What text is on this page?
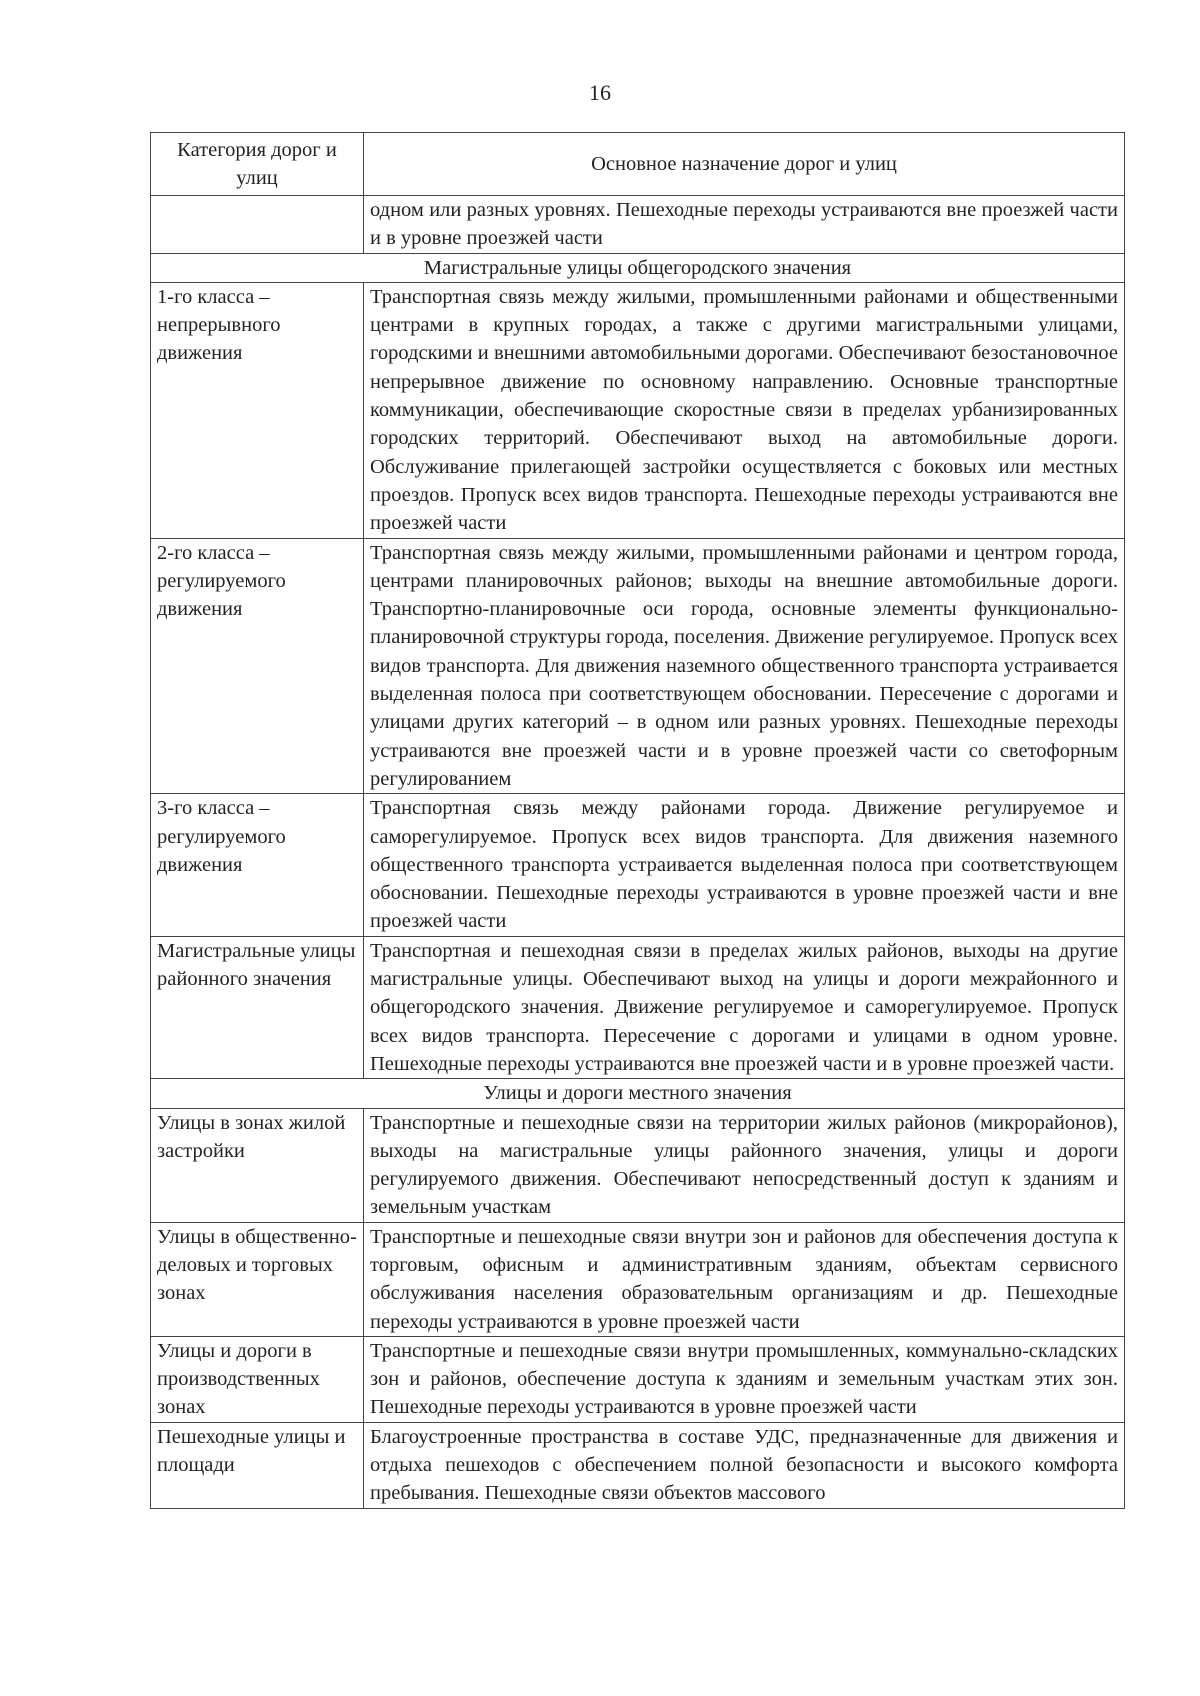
16
Категория дорог и улиц	Основное назначение дорог и улиц
	одном или разных уровнях. Пешеходные переходы устраиваются вне проезжей части и в уровне проезжей части
Магистральные улицы общегородского значения	
1-го класса – непрерывного движения	Транспортная связь между жилыми, промышленными районами и общественными центрами в крупных городах, а также с другими магистральными улицами, городскими и внешними автомобильными дорогами. Обеспечивают безостановочное непрерывное движение по основному направлению. Основные транспортные коммуникации, обеспечивающие скоростные связи в пределах урбанизированных городских территорий. Обеспечивают выход на автомобильные дороги. Обслуживание прилегающей застройки осуществляется с боковых или местных проездов. Пропуск всех видов транспорта. Пешеходные переходы устраиваются вне проезжей части
2-го класса – регулируемого движения	Транспортная связь между жилыми, промышленными районами и центром города, центрами планировочных районов; выходы на внешние автомобильные дороги. Транспортно-планировочные оси города, основные элементы функционально-планировочной структуры города, поселения. Движение регулируемое. Пропуск всех видов транспорта. Для движения наземного общественного транспорта устраивается выделенная полоса при соответствующем обосновании. Пересечение с дорогами и улицами других категорий – в одном или разных уровнях. Пешеходные переходы устраиваются вне проезжей части и в уровне проезжей части со светофорным регулированием
3-го класса – регулируемого движения	Транспортная связь между районами города. Движение регулируемое и саморегулируемое. Пропуск всех видов транспорта. Для движения наземного общественного транспорта устраивается выделенная полоса при соответствующем обосновании. Пешеходные переходы устраиваются в уровне проезжей части и вне проезжей части
Магистральные улицы районного значения	Транспортная и пешеходная связи в пределах жилых районов, выходы на другие магистральные улицы. Обеспечивают выход на улицы и дороги межрайонного и общегородского значения. Движение регулируемое и саморегулируемое. Пропуск всех видов транспорта. Пересечение с дорогами и улицами в одном уровне. Пешеходные переходы устраиваются вне проезжей части и в уровне проезжей части.
Улицы и дороги местного значения	
Улицы в зонах жилой застройки	Транспортные и пешеходные связи на территории жилых районов (микрорайонов), выходы на магистральные улицы районного значения, улицы и дороги регулируемого движения. Обеспечивают непосредственный доступ к зданиям и земельным участкам
Улицы в общественно-деловых и торговых зонах	Транспортные и пешеходные связи внутри зон и районов для обеспечения доступа к торговым, офисным и административным зданиям, объектам сервисного обслуживания населения образовательным организациям и др. Пешеходные переходы устраиваются в уровне проезжей части
Улицы и дороги в производственных зонах	Транспортные и пешеходные связи внутри промышленных, коммунально-складских зон и районов, обеспечение доступа к зданиям и земельным участкам этих зон. Пешеходные переходы устраиваются в уровне проезжей части
Пешеходные улицы и площади	Благоустроенные пространства в составе УДС, предназначенные для движения и отдыха пешеходов с обеспечением полной безопасности и высокого комфорта пребывания. Пешеходные связи объектов массового
